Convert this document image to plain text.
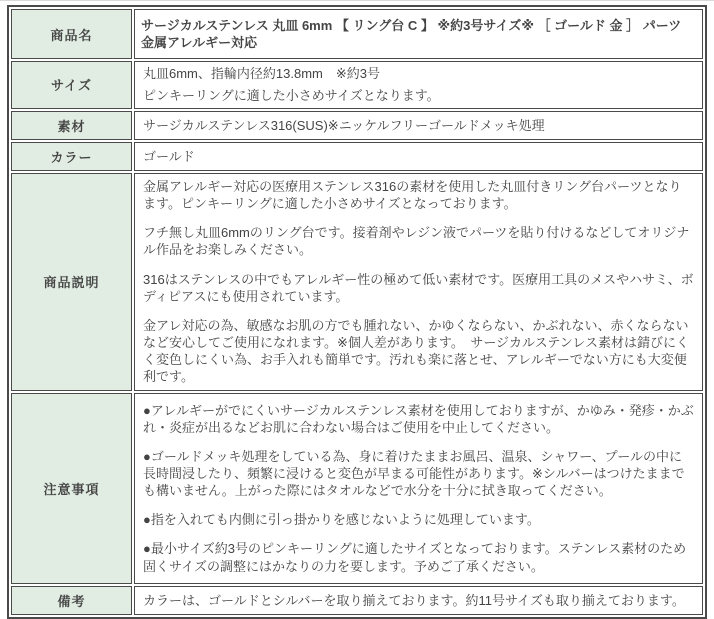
商品名	サージカルステンレス 丸皿 6mm 【 リング台 C 】 ※約3号サイズ※ ［ ゴールド 金 ］ パーツ 金属アレルギー対応

サイズ	丸皿6mm、指輪内径約13.8mm　※約3号

ピンキーリングに適した小さめサイズとなります。

素材	サージカルステンレス316(SUS)※ニッケルフリーゴールドメッキ処理

カラー	ゴールド

商品説明	金属アレルギー対応の医療用ステンレス316の素材を使用した丸皿付きリング台パーツとなります。ピンキーリングに適した小さめサイズとなっております。

フチ無し丸皿6mmのリング台です。接着剤やレジン液でパーツを貼り付けるなどしてオリジナル作品をお楽しみください。

316はステンレスの中でもアレルギー性の極めて低い素材です。医療用工具のメスやハサミ、ボディピアスにも使用されています。

金アレ対応の為、敏感なお肌の方でも腫れない、かゆくならない、かぶれない、赤くならないなど安心してご使用になれます。※個人差があります。　サージカルステンレス素材は錆びにくく変色しにくい為、お手入れも簡単です。汚れも楽に落とせ、アレルギーでない方にも大変便利です。

注意事項	●アレルギーがでにくいサージカルステンレス素材を使用しておりますが、かゆみ・発疹・かぶれ・炎症が出るなどお肌に合わない場合はご使用を中止してください。

●ゴールドメッキ処理をしている為、身に着けたままお風呂、温泉、シャワー、プールの中に長時間浸したり、頻繁に浸けると変色が早まる可能性があります。※シルバーはつけたままでも構いません。上がった際にはタオルなどで水分を十分に拭き取ってください。

●指を入れても内側に引っ掛かりを感じないように処理しています。

●最小サイズ約3号のピンキーリングに適したサイズとなっております。ステンレス素材のため固くサイズの調整にはかなりの力を要します。予めご了承ください。

備考	カラーは、ゴールドとシルバーを取り揃えております。約11号サイズも取り揃えております。
